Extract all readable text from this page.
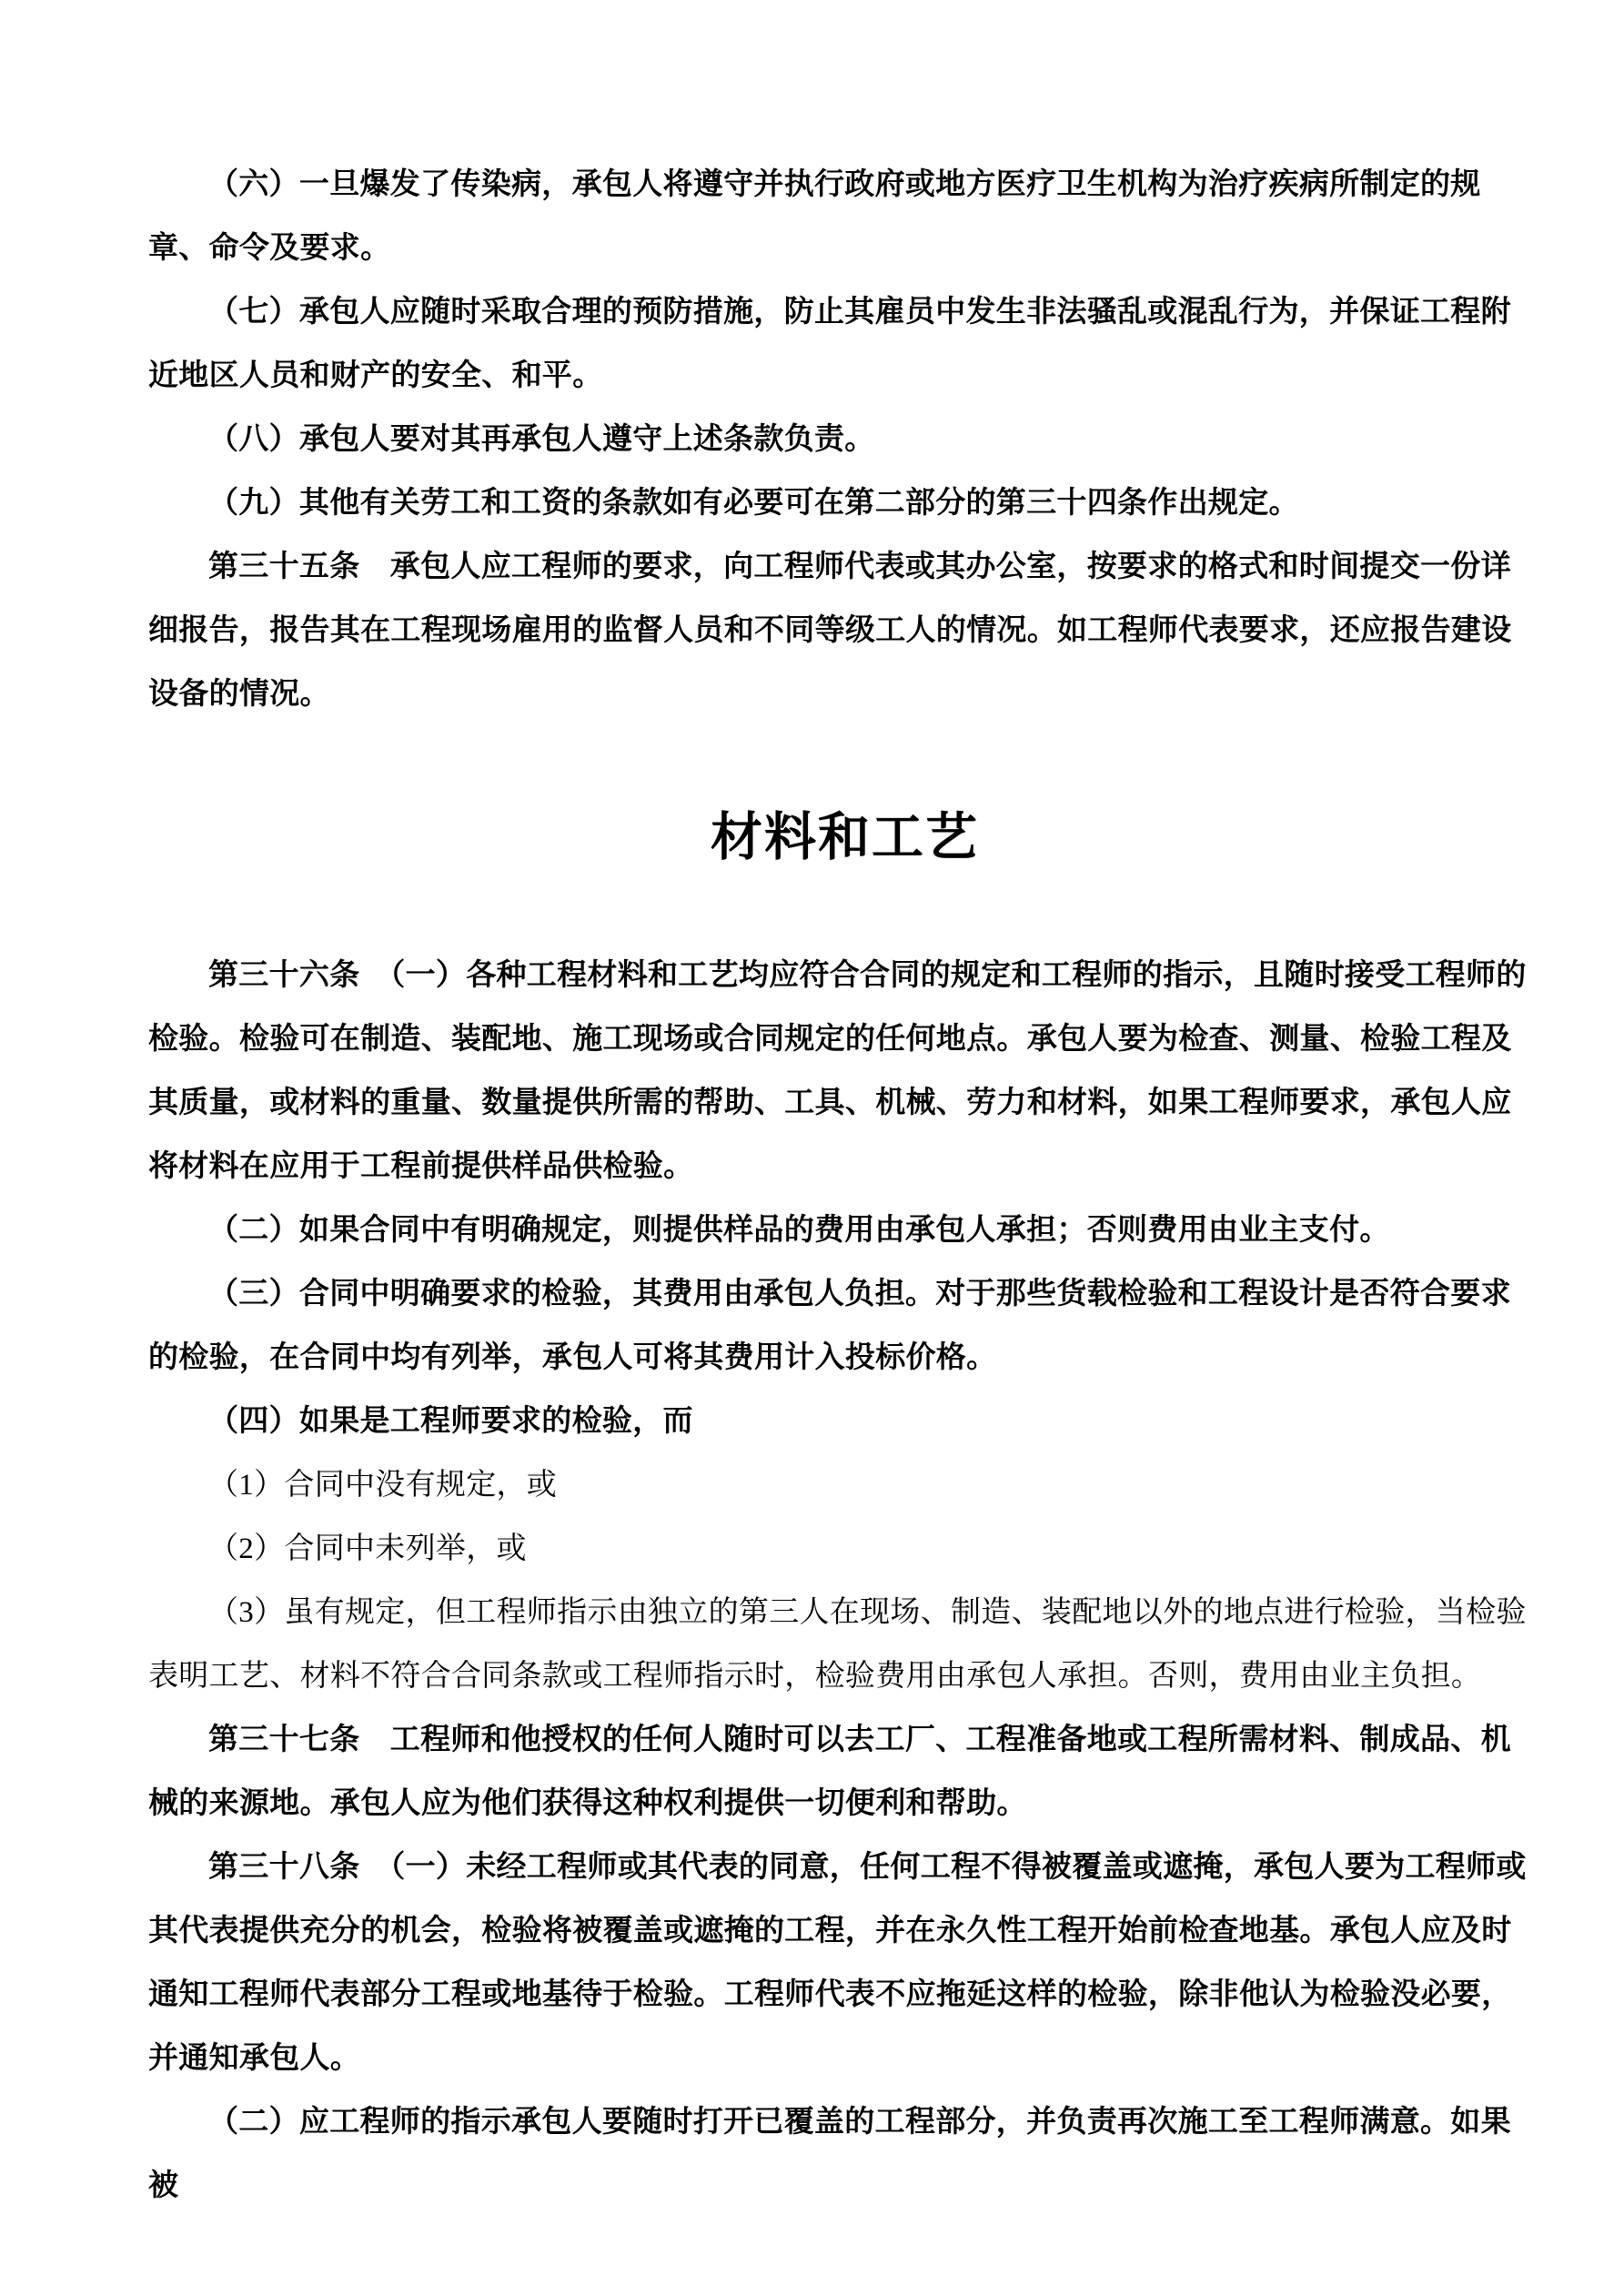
（六）一旦爆发了传染病，承包人将遵守并执行政府或地方医疗卫生机构为治疗疾病所制定的规章、命令及要求。

（七）承包人应随时采取合理的预防措施，防止其雇员中发生非法骚乱或混乱行为，并保证工程附近地区人员和财产的安全、和平。

（八）承包人要对其再承包人遵守上述条款负责。

（九）其他有关劳工和工资的条款如有必要可在第二部分的第三十四条作出规定。

第三十五条　承包人应工程师的要求，向工程师代表或其办公室，按要求的格式和时间提交一份详细报告，报告其在工程现场雇用的监督人员和不同等级工人的情况。如工程师代表要求，还应报告建设设备的情况。

材料和工艺

第三十六条　（一）各种工程材料和工艺均应符合合同的规定和工程师的指示，且随时接受工程师的检验。检验可在制造、装配地、施工现场或合同规定的任何地点。承包人要为检查、测量、检验工程及其质量，或材料的重量、数量提供所需的帮助、工具、机械、劳力和材料，如果工程师要求，承包人应将材料在应用于工程前提供样品供检验。

（二）如果合同中有明确规定，则提供样品的费用由承包人承担；否则费用由业主支付。

（三）合同中明确要求的检验，其费用由承包人负担。对于那些货载检验和工程设计是否符合要求的检验，在合同中均有列举，承包人可将其费用计入投标价格。

（四）如果是工程师要求的检验，而

（1）合同中没有规定，或

（2）合同中未列举，或

（3）虽有规定，但工程师指示由独立的第三人在现场、制造、装配地以外的地点进行检验，当检验表明工艺、材料不符合合同条款或工程师指示时，检验费用由承包人承担。否则，费用由业主负担。

第三十七条　工程师和他授权的任何人随时可以去工厂、工程准备地或工程所需材料、制成品、机械的来源地。承包人应为他们获得这种权利提供一切便利和帮助。

第三十八条　（一）未经工程师或其代表的同意，任何工程不得被覆盖或遮掩，承包人要为工程师或其代表提供充分的机会，检验将被覆盖或遮掩的工程，并在永久性工程开始前检查地基。承包人应及时通知工程师代表部分工程或地基待于检验。工程师代表不应拖延这样的检验，除非他认为检验没必要，并通知承包人。

（二）应工程师的指示承包人要随时打开已覆盖的工程部分，并负责再次施工至工程师满意。如果被
